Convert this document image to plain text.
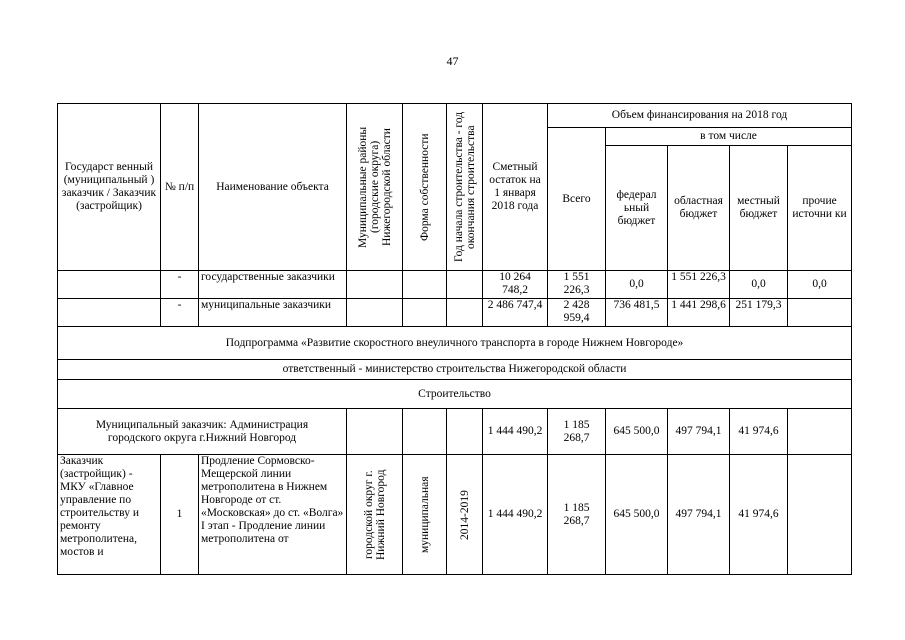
47
Государст венный (муниципальный ) заказчик / Заказчик (застройщик)	№ п/п	Наименование объекта	Муниципальные районы (городские округа) Нижегородской области	Форма собственности	Год начала строительства - год окончания строительства	Сметный остаток на 1 января 2018 года	Объем финансирования на 2018 год				
							Всего	в том числе			
								федерал ьный бюджет	областная бюджет	местный бюджет	прочие источни ки
	-	государственные заказчики				10 264 748,2	1 551 226,3	0,0	1 551 226,3	0,0	0,0
	-	муниципальные заказчики				2 486 747,4	2 428 959,4	736 481,5	1 441 298,6	251 179,3	
Подпрограмма «Развитие скоростного внеуличного транспорта в городе Нижнем Новгороде»											
ответственный - министерство строительства Нижегородской области											
Строительство											
Муниципальный заказчик: Администрация городского округа г.Нижний Новгород						1 444 490,2	1 185 268,7	645 500,0	497 794,1	41 974,6	
Заказчик (застройщик) - МКУ «Главное управление по строительству и ремонту метрополитена, мостов и	1	Продление Сормовско-Мещерской линии метрополитена в Нижнем Новгороде от ст. «Московская» до ст. «Волга» I этап - Продление линии метрополитена от	городской округ г. Нижний Новгород	муниципальная	2014-2019	1 444 490,2	1 185 268,7	645 500,0	497 794,1	41 974,6	
